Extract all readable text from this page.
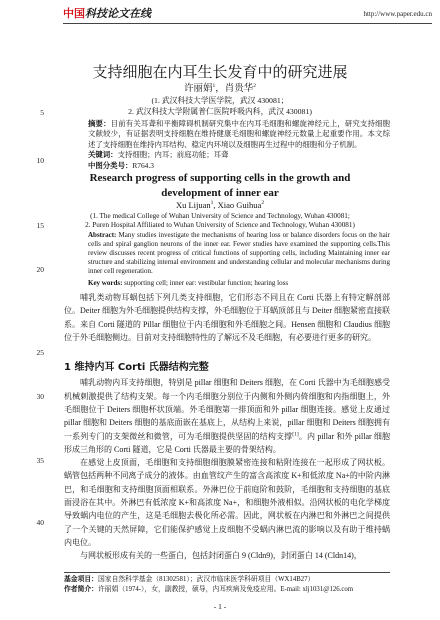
中国科技论文在线	http://www.paper.edu.cn
5
10
15
20
25
30
35
40
支持细胞在内耳生长发育中的研究进展
许丽娟$^1$，肖贵华$^2$
(1. 武汉科技大学医学院，武汉 430081；
2. 武汉科技大学附属普仁医院呼吸内科，武汉 430081)
摘要：目前有关耳聋和平衡障碍机制研究集中在内耳毛细胞和螺旋神经元上，研究支持细胞文献较少，有证据表明支持细胞在维持健康毛细胞和螺旋神经元数量上起重要作用。本文综述了支持细胞在维持内耳结构、稳定内环境以及细胞再生过程中的细胞和分子机制。
关键词：支持细胞；内耳；前庭功能；耳聋
中图分类号：R764.3
Research progress of supporting cells in the growth and development of inner ear
Xu Lijuan$^1$, Xiao Guihua$^2$
(1. The medical College of Wuhan University of Science and Technology, Wuhan 430081;
2. Puren Hospital Affiliated to Wuhan University of Science and Technology, Wuhan 430081)
Abstract: Many studies investigate the mechanisms of hearing loss or balance disorders focus on the hair cells and spiral ganglion neurons of the inner ear. Fewer studies have examined the supporting cells.This review discusses recent progress of critical functions of supporting cells, including Maintaining inner ear structure and stabilizing internal environment and understanding cellular and molecular mechanisms during inner cell regeneration.
Key words: supporting cell; inner ear: vestibular function; hearing loss

哺乳类动物耳蜗包括下列几类支持细胞，它们形态不同且在 Corti 氏器上有特定解剖部位。Deiter 细胞为外毛细胞提供结构支撑，外毛细胞位于耳蜗顶部且与 Deiter 细胞紧密直接联系。来自 Corti 隧道的 Pillar 细胞位于内毛细胞和外毛细胞之间。Hensen 细胞和 Claudius 细胞位于外毛细胞侧边。目前对支持细胞特性的了解远不及毛细胞，有必要进行更多的研究。

1 维持内耳 Corti 氏器结构完整

哺乳动物内耳支持细胞，特别是 pillar 细胞和 Deiters 细胞，在 Corti 氏器中为毛细胞感受机械刺激提供了结构支架。每一个内毛细胞分别位于内侧和外侧内倚细胞和内指细胞上，外毛细胞位于 Deiters 细胞杯状顶端。外毛细胞第一排顶面和外 pillar 细胞连接。感觉上皮通过 pillar 细胞和 Deiters 细胞的基底面嵌在基底上，从结构上来说，pillar 细胞和 Deiters 细胞拥有一系列专门的支架微丝和微管，可为毛细胞提供坚固的结构支撑[1]。内 pillar 和外 pillar 细胞形成三角形的 Corti 隧道，它是 Corti 氏器最主要的骨架结构。

在感觉上皮顶面，毛细胞和支持细胞细胞膜紧密连接和粘附连接在一起形成了网状板。蜗管包括两种不同离子成分的液体。由血管纹产生的富含高浓度 K+和低浓度 Na+的中阶内淋巴，和毛细胞和支持细胞顶面相联系。外淋巴位于前庭阶和鼓阶，毛细胞和支持细胞的基底面浸浴在其中。外淋巴有低浓度 K+和高浓度 Na+，和细胞外液相似。沿网状板的电化学梯度导致蜗内电位的产生，这是毛细胞去极化所必需。因此，网状板在内淋巴和外淋巴之间提供了一个关键的天然屏障，它们能保护感觉上皮细胞不受蜗内淋巴流的影响以及有助于维持蜗内电位。

与网状板形成有关的一些蛋白，包括封闭蛋白 9 (Cldn9)，封闭蛋白 14 (Cldn14)，

基金项目：国家自然科学基金（81302581）；武汉市临床医学科研项目（WX14B27）
作者简介：许丽娟（1974-），女，副教授，硕导，内耳疾病及免疫应用。E-mail: xlj1031@126.com
- 1 -
